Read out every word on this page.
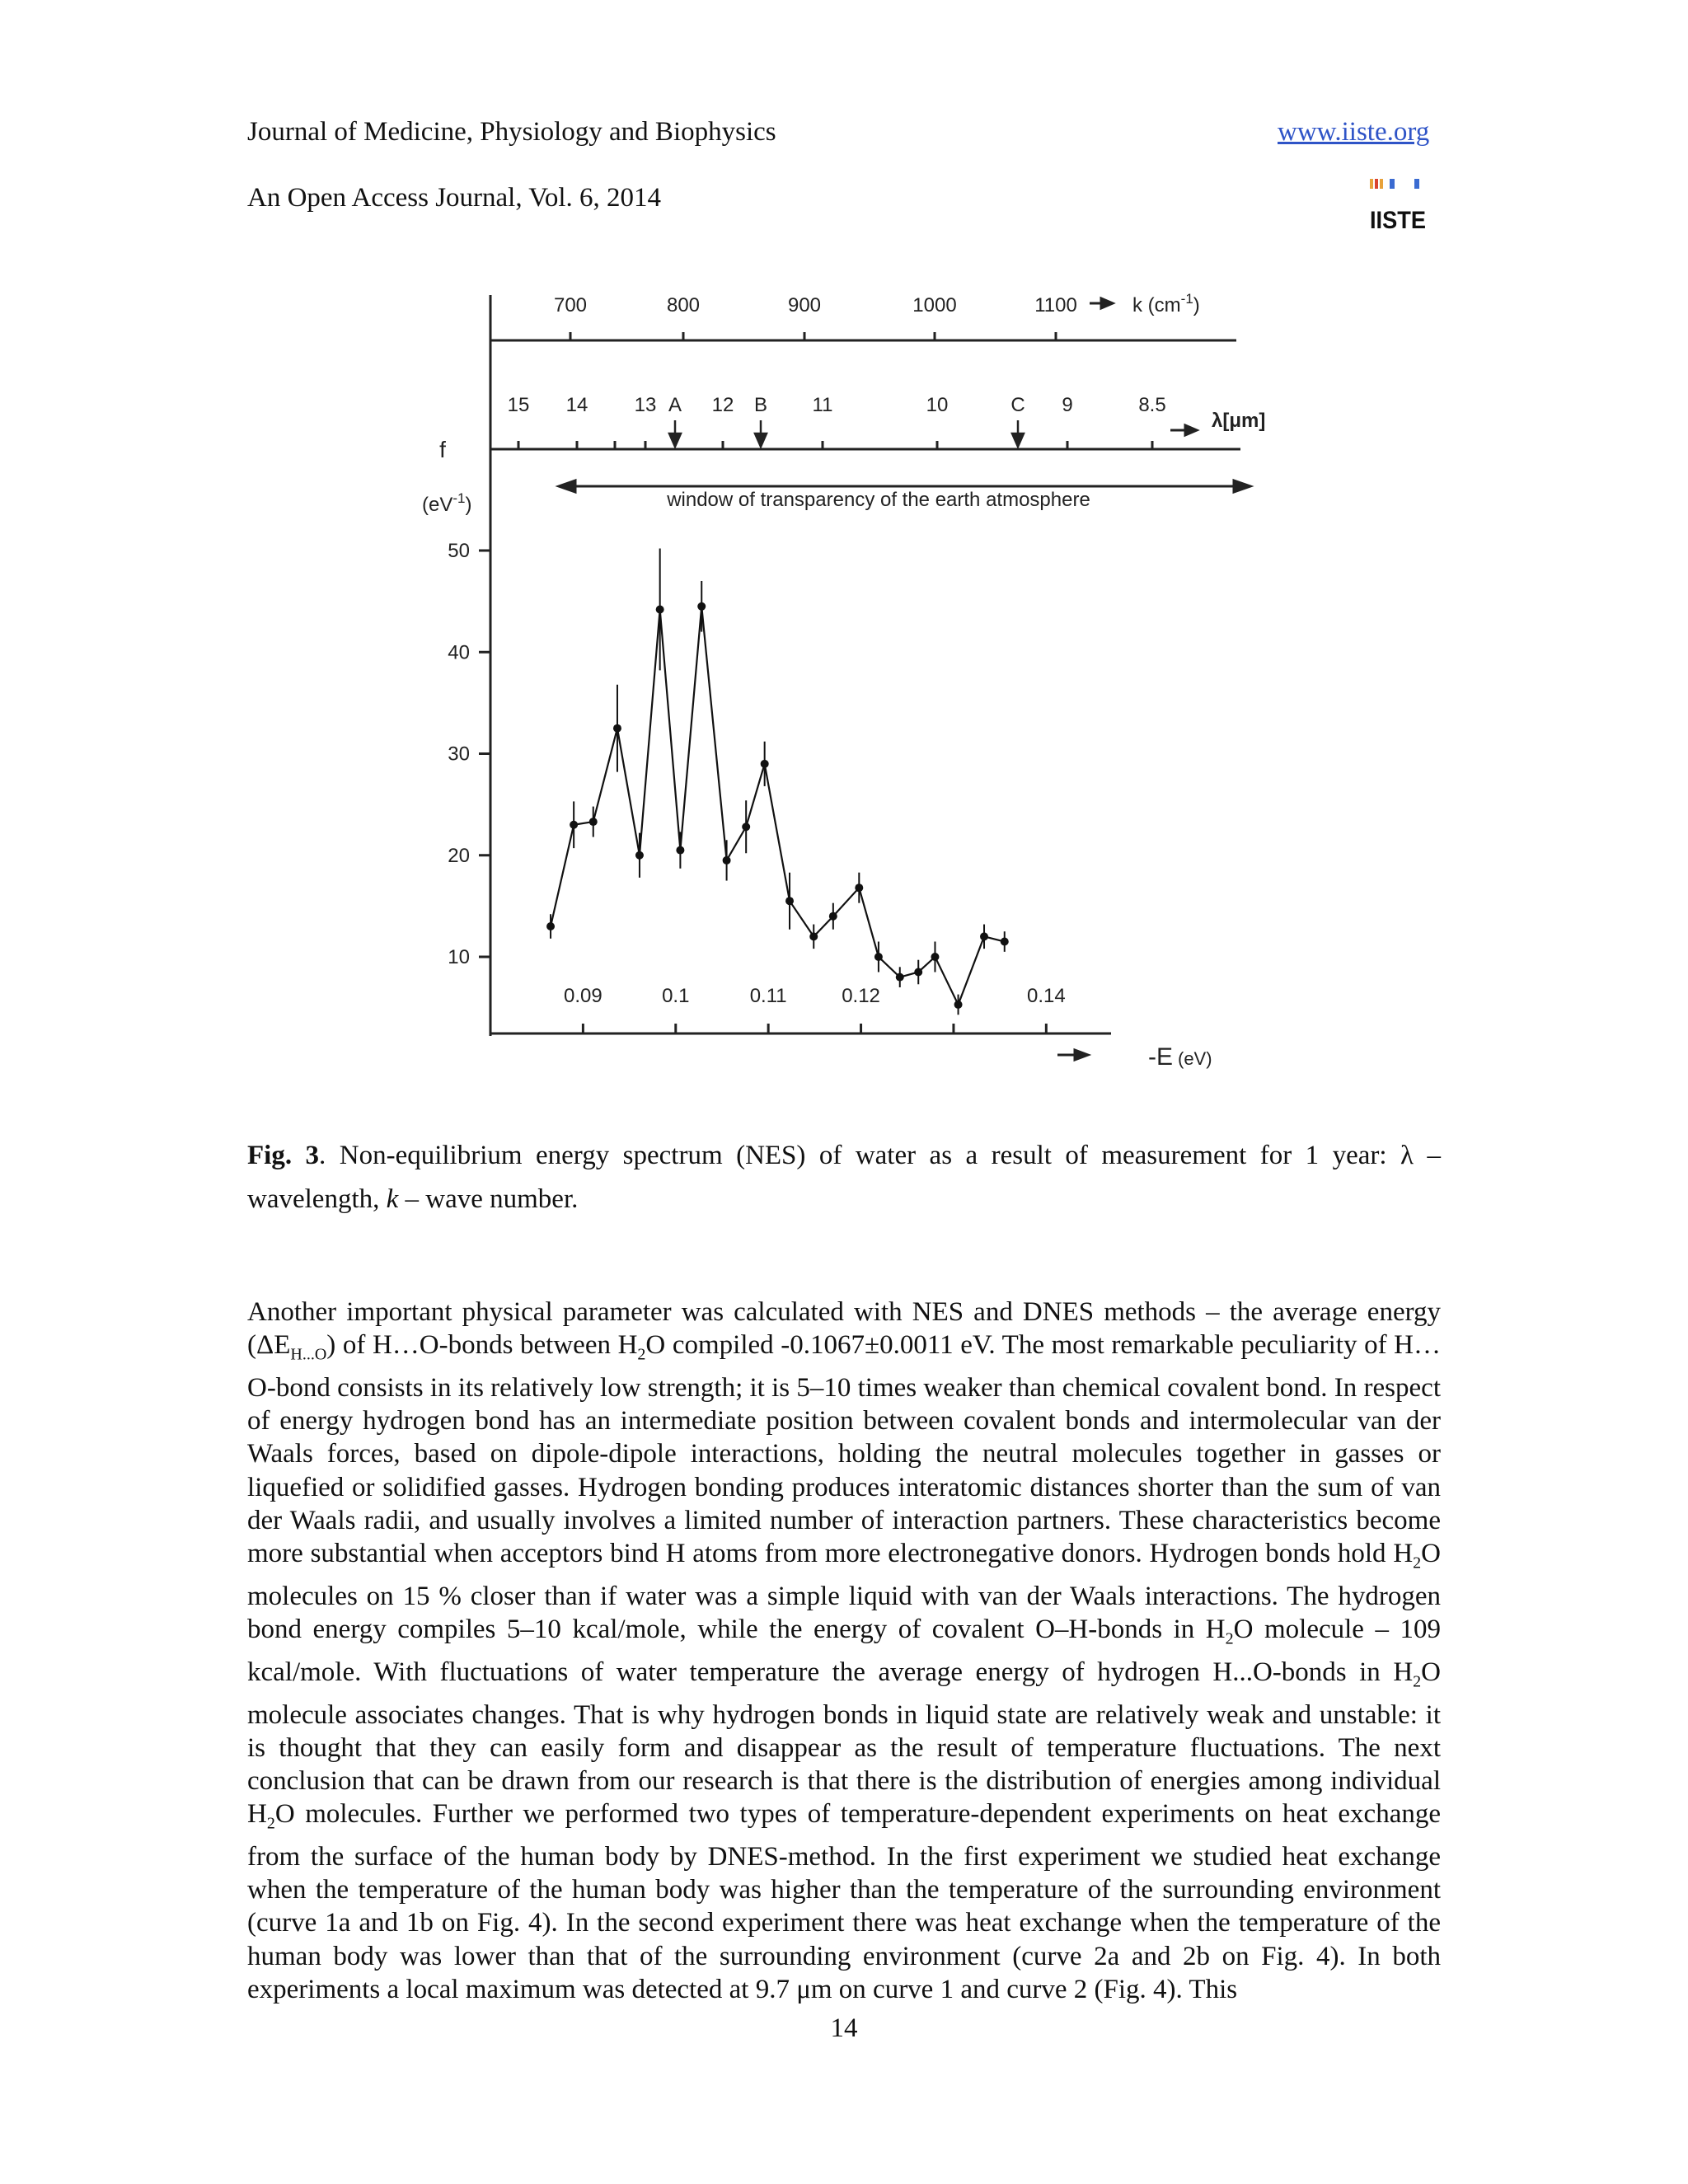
Journal of Medicine, Physiology and Biophysics	www.iiste.org
An Open Access Journal, Vol. 6, 2014
IISTE
700	800	900	1000	1100	k $(cm^{-1})$
15 14 13	12	11	10	9	8.5
A	B	C
λ[μm]
window of transparency of the earth atmosphere
f
$(eV^{-1})$
10
20
30
40
50
0.09	0.1	0.11	0.12	0.14
-E (eV)
Fig. 3. Non-equilibrium energy spectrum (NES) of water as a result of measurement for 1 year: λ – wavelength, k – wave number.
Another important physical parameter was calculated with NES and DNES methods – the average energy $(\Delta E_{H...O})$ of H…O-bonds between $H_2O$ compiled -0.1067±0.0011 eV. The most remarkable peculiarity of H…O-bond consists in its relatively low strength; it is 5–10 times weaker than chemical covalent bond. In respect of energy hydrogen bond has an intermediate position between covalent bonds and intermolecular van der Waals forces, based on dipole-dipole interactions, holding the neutral molecules together in gasses or liquefied or solidified gasses. Hydrogen bonding produces interatomic distances shorter than the sum of van der Waals radii, and usually involves a limited number of interaction partners. These characteristics become more substantial when acceptors bind H atoms from more electronegative donors. Hydrogen bonds hold $H_2O$ molecules on 15 % closer than if water was a simple liquid with van der Waals interactions. The hydrogen bond energy compiles 5–10 kcal/mole, while the energy of covalent O–H-bonds in $H_2O$ molecule – 109 kcal/mole. With fluctuations of water temperature the average energy of hydrogen H...O-bonds in $H_2O$ molecule associates changes. That is why hydrogen bonds in liquid state are relatively weak and unstable: it is thought that they can easily form and disappear as the result of temperature fluctuations. The next conclusion that can be drawn from our research is that there is the distribution of energies among individual $H_2O$ molecules. Further we performed two types of temperature-dependent experiments on heat exchange from the surface of the human body by DNES-method. In the first experiment we studied heat exchange when the temperature of the human body was higher than the temperature of the surrounding environment (curve 1a and 1b on Fig. 4). In the second experiment there was heat exchange when the temperature of the human body was lower than that of the surrounding environment (curve 2a and 2b on Fig. 4). In both experiments a local maximum was detected at 9.7 μm on curve 1 and curve 2 (Fig. 4). This
14
